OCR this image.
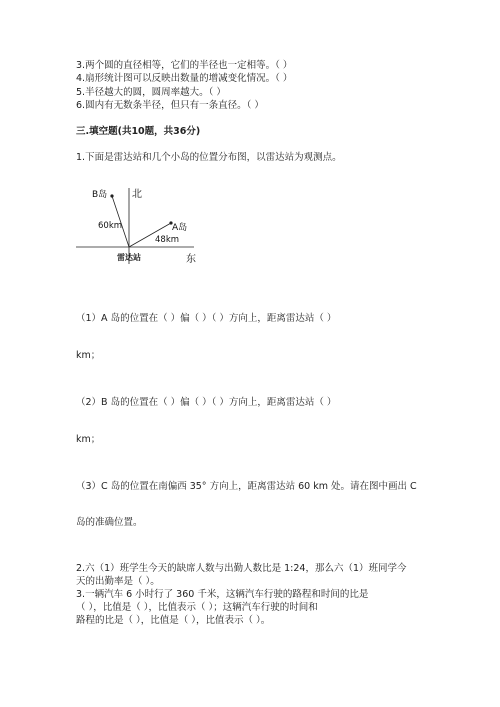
3.两个圆的直径相等，它们的半径也一定相等。（ ）
4.扇形统计图可以反映出数量的增减变化情况。（ ）
5.半径越大的圆，圆周率越大。（ ）
6.圆内有无数条半径，但只有一条直径。（ ）
三.填空题(共10题，共36分)
1.下面是雷达站和几个小岛的位置分布图，以雷达站为观测点。
B岛 北
60km	A岛
48km
雷达站	东
（1）A 岛的位置在（ ）偏（ ）（ ）方向上，距离雷达站（ ）
km；
（2）B 岛的位置在（ ）偏（ ）（ ）方向上，距离雷达站（ ）
km；
（3）C 岛的位置在南偏西 35° 方向上，距离雷达站 60 km 处。请在图中画出 C
岛的准确位置。
2.六（1）班学生今天的缺席人数与出勤人数比是 1:24，那么六（1）班同学今
天的出勤率是（ ）。
3.一辆汽车 6 小时行了 360 千米，这辆汽车行驶的路程和时间的比是
（ ），比值是（ ），比值表示（ ）；这辆汽车行驶的时间和
路程的比是（ ），比值是（ ），比值表示（ ）。
